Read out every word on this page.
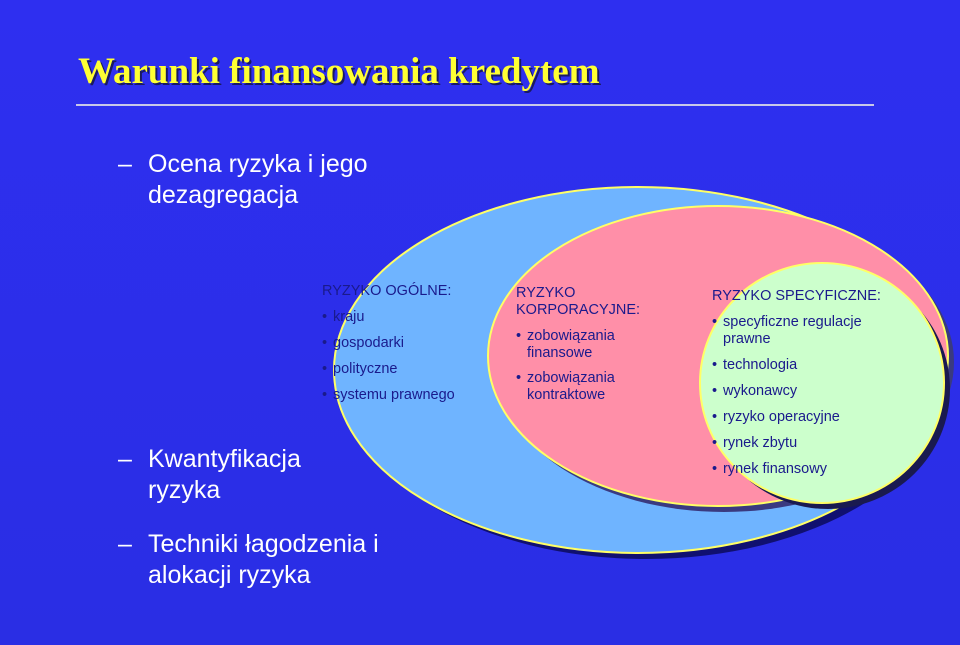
Warunki finansowania kredytem
– Ocena ryzyka i jego dezagregacja
– Kwantyfikacja ryzyka
– Techniki łagodzenia i alokacji ryzyka
RYZYKO OGÓLNE:
• kraju
• gospodarki
• polityczne
• systemu prawnego
RYZYKO KORPORACYJNE:
• zobowiązania finansowe
• zobowiązania kontraktowe
RYZYKO SPECYFICZNE:
• specyficzne regulacje prawne
• technologia
• wykonawcy
• ryzyko operacyjne
• rynek zbytu
• rynek finansowy
